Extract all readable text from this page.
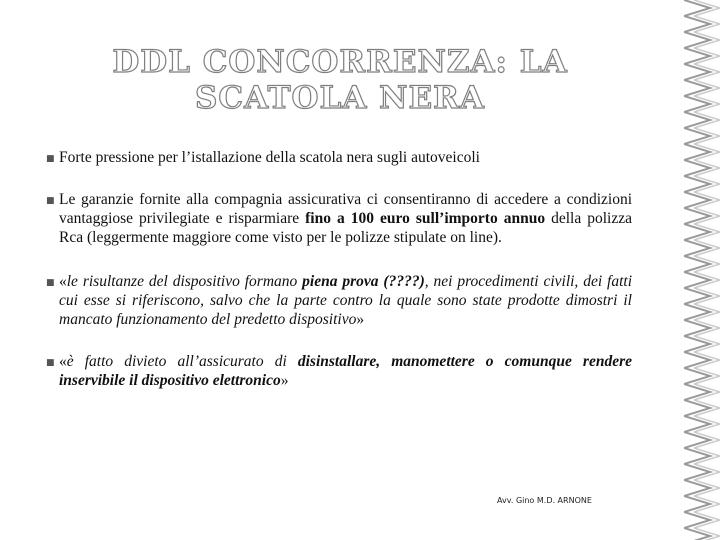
DDL CONCORRENZA: LA SCATOLA NERA
■ Forte pressione per l’istallazione della scatola nera sugli autoveicoli
■ Le garanzie fornite alla compagnia assicurativa ci consentiranno di accedere a condizioni vantaggiose privilegiate e risparmiare fino a 100 euro sull’importo annuo della polizza Rca (leggermente maggiore come visto per le polizze stipulate on line).
■ «le risultanze del dispositivo formano piena prova (????), nei procedimenti civili, dei fatti cui esse si riferiscono, salvo che la parte contro la quale sono state prodotte dimostri il mancato funzionamento del predetto dispositivo»
■ «è fatto divieto all’assicurato di disinstallare, manomettere o comunque rendere inservibile il dispositivo elettronico»
Avv. Gino M.D. ARNONE
